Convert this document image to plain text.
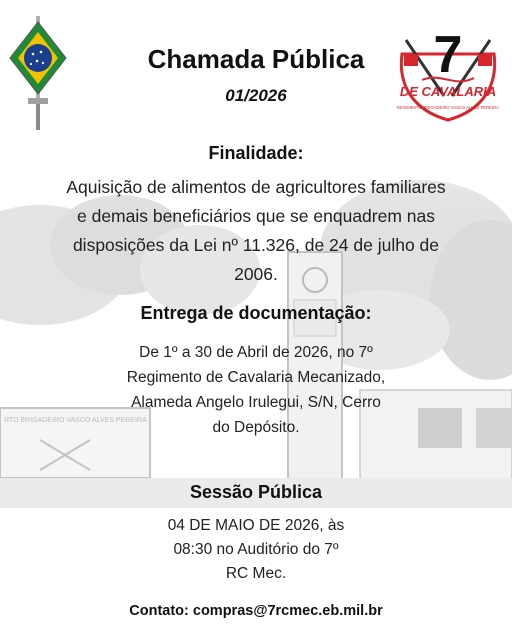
7
DE CAVALARIA
REGIMENTO BRIGADEIRO VASCO ALVES PEREIRA
Chamada Pública
01/2026
Finalidade:
Aquisição de alimentos de agricultores familiares
e demais beneficiários que se enquadrem nas
disposições da Lei nº 11.326, de 24 de julho de
2006.
Entrega de documentação:
De 1º a 30 de Abril de 2026, no 7º
Regimento de Cavalaria Mecanizado,
Alameda Angelo Irulegui, S/N, Cerro
do Depósito.
Sessão Pública
04 DE MAIO DE 2026, às
08:30 no Auditório do 7º
RC Mec.
Contato: compras@7rcmec.eb.mil.br
